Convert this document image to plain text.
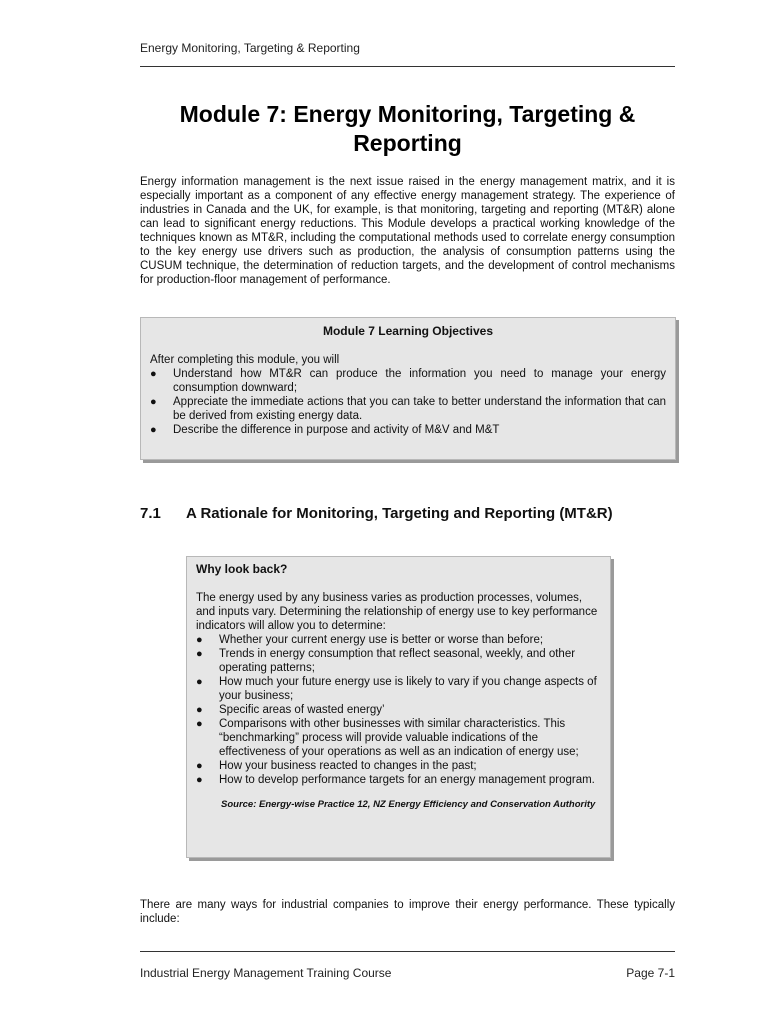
Energy Monitoring, Targeting & Reporting
Module 7: Energy Monitoring, Targeting & Reporting

Energy information management is the next issue raised in the energy management matrix, and it is especially important as a component of any effective energy management strategy. The experience of industries in Canada and the UK, for example, is that monitoring, targeting and reporting (MT&R) alone can lead to significant energy reductions. This Module develops a practical working knowledge of the techniques known as MT&R, including the computational methods used to correlate energy consumption to the key energy use drivers such as production, the analysis of consumption patterns using the CUSUM technique, the determination of reduction targets, and the development of control mechanisms for production-floor management of performance.

Module 7 Learning Objectives

After completing this module, you will

● Understand how MT&R can produce the information you need to manage your energy consumption downward;
● Appreciate the immediate actions that you can take to better understand the information that can be derived from existing energy data.
● Describe the difference in purpose and activity of M&V and M&T
7.1 A Rationale for Monitoring, Targeting and Reporting (MT&R)
Why look back?

The energy used by any business varies as production processes, volumes, and inputs vary. Determining the relationship of energy use to key performance indicators will allow you to determine:

● Whether your current energy use is better or worse than before;
● Trends in energy consumption that reflect seasonal, weekly, and other operating patterns;
● How much your future energy use is likely to vary if you change aspects of your business;
● Specific areas of wasted energy’
● Comparisons with other businesses with similar characteristics. This “benchmarking” process will provide valuable indications of the effectiveness of your operations as well as an indication of energy use;
● How your business reacted to changes in the past;
● How to develop performance targets for an energy management program.
Source: Energy-wise Practice 12, NZ Energy Efficiency and Conservation Authority

There are many ways for industrial companies to improve their energy performance. These typically include:

Industrial Energy Management Training Course	Page 7-1
